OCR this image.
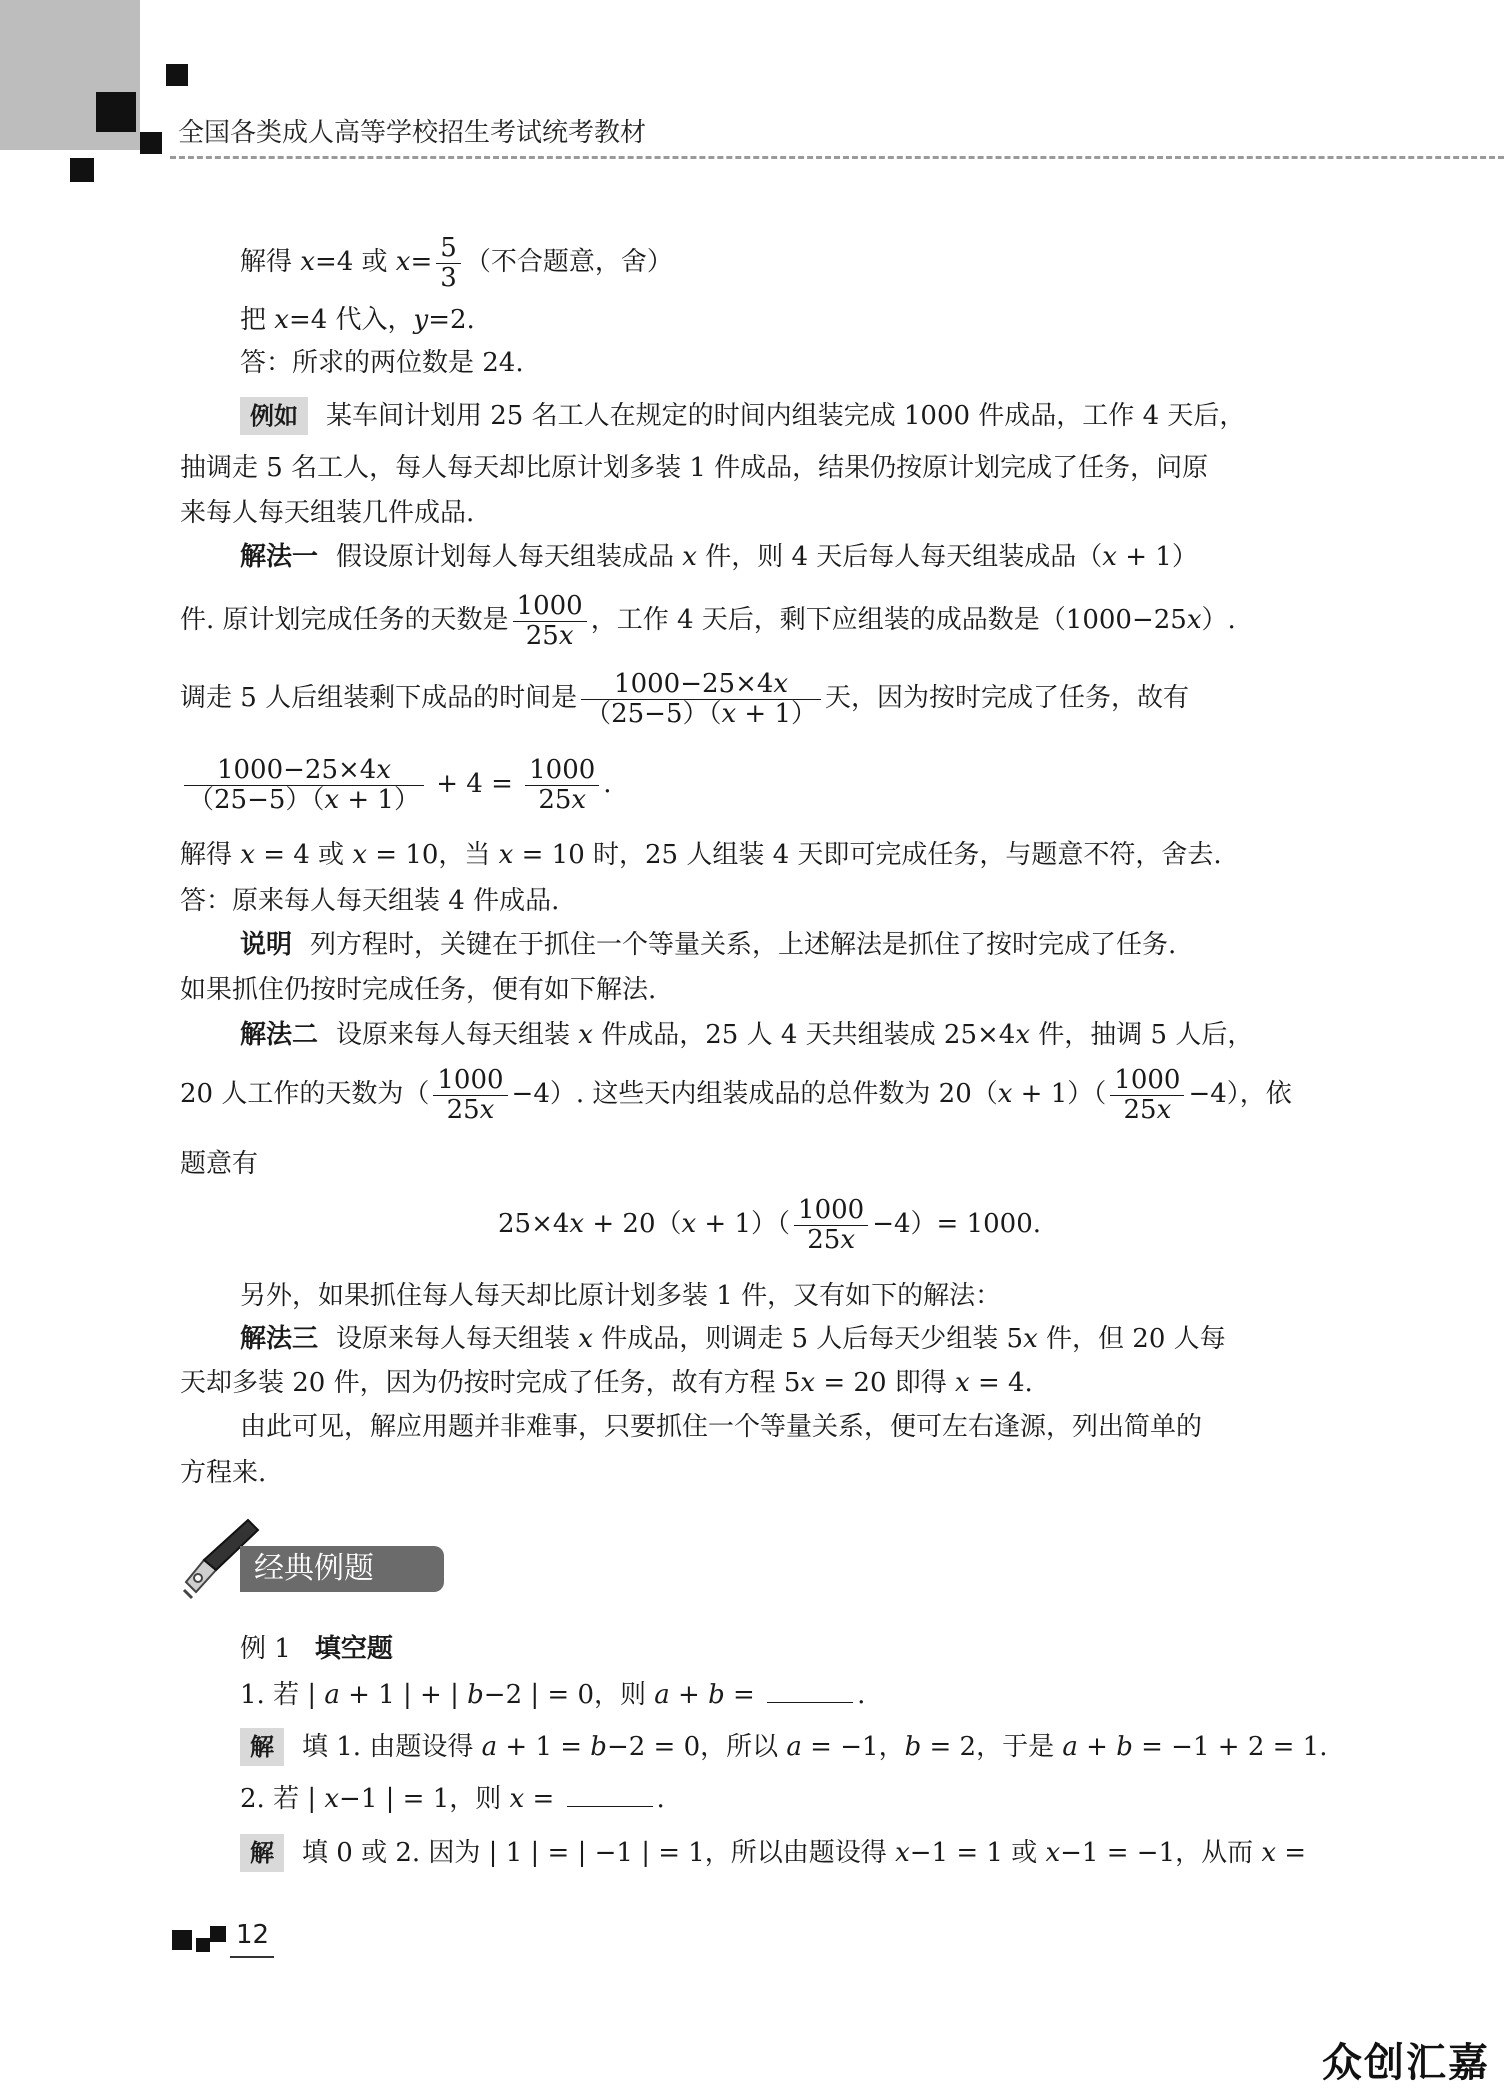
全国各类成人高等学校招生考试统考教材
解得 x=4 或 $x= \frac{5}{3}$ （不合题意，舍）
把 x=4 代入，y=2.
答：所求的两位数是 24.
例如 某车间计划用 25 名工人在规定的时间内组装完成 1000 件成品，工作 4 天后，
抽调走 5 名工人，每人每天却比原计划多装 1 件成品，结果仍按原计划完成了任务，问原
来每人每天组装几件成品.
解法一 假设原计划每人每天组装成品 x 件，则 4 天后每人每天组装成品（x + 1）
件. 原计划完成任务的天数是 $\frac{1000}{25x}$ ，工作 4 天后，剩下应组装的成品数是（1000−25x）.
调走 5 人后组装剩下成品的时间是 $\frac{1000-25\times 4x}{(25-5)(x + 1)}$ 天，因为按时完成了任务，故有
$\frac{1000-25\times 4x}{(25-5)(x + 1)} + 4 = \frac{1000}{25x}$ .
解得 x = 4 或 x = 10，当 x = 10 时，25 人组装 4 天即可完成任务，与题意不符，舍去.
答：原来每人每天组装 4 件成品.
说明 列方程时，关键在于抓住一个等量关系，上述解法是抓住了按时完成了任务.
如果抓住仍按时完成任务，便有如下解法.
解法二 设原来每人每天组装 x 件成品，25 人 4 天共组装成 25×4x 件，抽调 5 人后，
20 人工作的天数为（ $\frac{1000}{25x} -4$）. 这些天内组装成品的总件数为 $20(x + 1)( \frac{1000}{25x} -4)$，依
题意有
$25\times 4x + 20(x + 1)( \frac{1000}{25x} -4)= 1000$.
另外，如果抓住每人每天却比原计划多装 1 件，又有如下的解法：
解法三 设原来每人每天组装 x 件成品，则调走 5 人后每天少组装 5x 件，但 20 人每
天却多装 20 件，因为仍按时完成了任务，故有方程 5x = 20 即得 x = 4.
由此可见，解应用题并非难事，只要抓住一个等量关系，便可左右逢源，列出简单的
方程来.
经典例题
例 1 填空题
1. 若 | a + 1 | + | b−2 | = 0，则 a + b =	.
解 填 1. 由题设得 a + 1 = b−2 = 0，所以 a = −1，b = 2，于是 a + b = −1 + 2 = 1.
2. 若 | x−1 | = 1，则 x =	.
解 填 0 或 2. 因为 | 1 | = | −1 | = 1，所以由题设得 x−1 = 1 或 x−1 = −1，从而 x =
12
众创汇嘉
